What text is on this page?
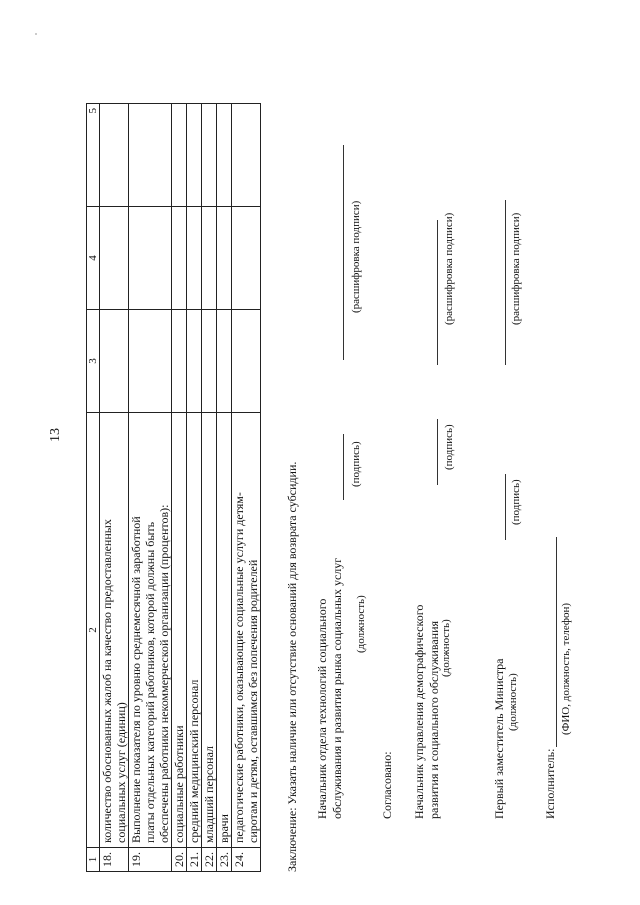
13
1	2	3	4	5
18.	количество обоснованных жалоб на качество предоставленных социальных услуг (единиц)			

19.	Выполнение показателя по уровню среднемесячной заработной платы отдельных категорий работников, которой должны быть обеспечены работники некоммерческой организации (процентов):			

20.	социальные работники			

21.	средний медицинский персонал			

22.	младший персонал			

23.	врачи			

24.	педагогические работники, оказывающие социальные услуги детям- сиротам и детям, оставшимся без попечения родителей			
			Заключение: Указать наличие или отсутствие оснований для возврата субсидии. Начальник отдела технологий социального обслуживания и развития рынка социальных услуг (должность)
(подпись)
(расшифровка подписи)
Согласовано: Начальник управления демографического развития и социального обслуживания (должность)
(подпись)
(расшифровка подписи)
Первый заместитель Министра (должность)
(подпись)
(расшифровка подписи)
Исполнитель:
(ФИО, должность, телефон)
